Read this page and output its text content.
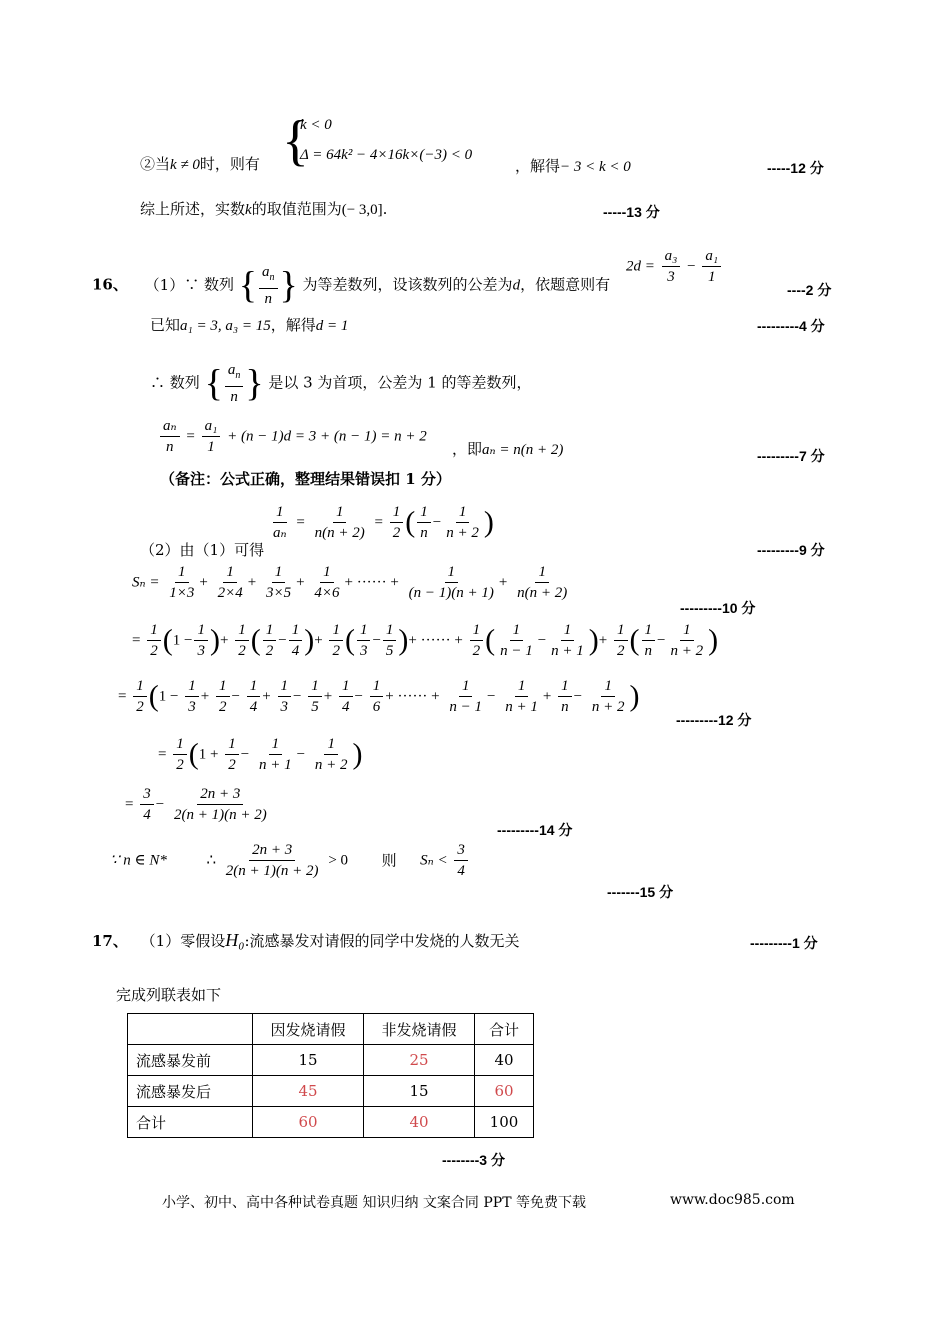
②当k ≠ 0时，则有 {
k < 0
Δ = 64k² − 4×16k×(−3) < 0
，解得− 3 < k < 0	-----12 分
综上所述，实数k的取值范围为(− 3,0].	-----13 分
16、 （1）∵ 数列 { $\frac{a_n}{n}$ } 为等差数列，设该数列的公差为d，依题意则有
$2d = \frac{\text{a₃}}{3} - \frac{\text{a₁}}{1}$
----2 分
已知a₁ = 3, a₃ = 15，解得d = 1	---------4 分
∴ 数列 { $\frac{a_n}{n}$ } 是以 3 为首项，公差为 1 的等差数列，
$\frac{\text{aₙ}}{n} = \frac{\text{a₁}}{1} + (n - 1)d = 3 + (n - 1) = n + 2$
，即aₙ = n(n + 2)	---------7 分
（备注：公式正确，整理结果错误扣 1 分）
$\frac{1}{\text{aₙ}} = \frac{1}{n(n + 2)} = \frac{1}{2}$ ( $\frac{1}{n} - \frac{1}{n + 2}$ )
（2）由（1）可得	---------9 分
$S_n = \frac{1}{1\times 3} + \frac{1}{2\times 4} + \frac{1}{3\times 5} + \frac{1}{4\times 6}$ + ······ + $\frac{1}{(n - 1)(n + 1)} + \frac{1}{n(n + 2)}$
---------10 分
= $\frac{1}{2} (1 - \frac{1}{3}$ )+ $\frac{1}{2}$ ( $\frac{1}{2} - \frac{1}{4}$ )+ $\frac{1}{2}$ ( $\frac{1}{3} - \frac{1}{5}$ )+ ······ + $\frac{1}{2}$ ( $\frac{1}{n - 1} - \frac{1}{n + 1}$ )+ $\frac{1}{2}$ ( $\frac{1}{n} - \frac{1}{n + 2}$ )
= $\frac{1}{2} (1 - \frac{1}{3} + \frac{1}{2} - \frac{1}{4} + \frac{1}{3} - \frac{1}{5} + \frac{1}{4} - \frac{1}{6}$ + ······ + $\frac{1}{n - 1} - \frac{1}{n + 1} + \frac{1}{n} - \frac{1}{n + 2}$ )
---------12 分
= $\frac{1}{2} (1 + \frac{1}{2} - \frac{1}{n + 1} - \frac{1}{n + 2}$ )
= $\frac{3}{4} - \frac{2n + 3}{2(n + 1)(n + 2)}$
---------14 分
∵ n ∈ N*	∴ $\frac{2n + 3}{2(n + 1)(n + 2)} > 0$ 则 $S_n < \frac{3}{4}$
-------15 分
17、 （1）零假设H₀:流感暴发对请假的同学中发烧的人数无关	---------1 分
完成列联表如下
	因发烧请假	非发烧请假	合计
流感暴发前	15	25	40
流感暴发后	45	15	60
合计	60	40	100
--------3 分
小学、初中、高中各种试卷真题 知识归纳 文案合同 PPT 等免费下载	www.doc985.com
